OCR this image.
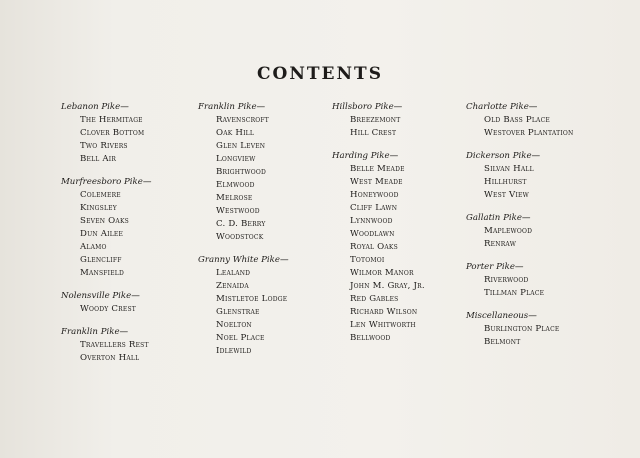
CONTENTS
Lebanon Pike—
The Hermitage
Clover Bottom
Two Rivers
Bell Air
Murfreesboro Pike—
Colemere
Kingsley
Seven Oaks
Dun Ailee
Alamo
Glencliff
Mansfield
Nolensville Pike—
Woody Crest
Franklin Pike—
Travellers Rest
Overton Hall
Franklin Pike—
Ravenscroft
Oak Hill
Glen Leven
Longview
Brightwood
Elmwood
Melrose
Westwood
C. D. Berry
Woodstock
Granny White Pike—
Lealand
Zenaida
Mistletoe Lodge
Glenstrae
Noelton
Noel Place
Idlewild
Hillsboro Pike—
Breezemont
Hill Crest
Harding Pike—
Belle Meade
West Meade
Honeywood
Cliff Lawn
Lynnwood
Woodlawn
Royal Oaks
Totomoi
Wilmor Manor
John M. Gray, Jr.
Red Gables
Richard Wilson
Len Whitworth
Bellwood
Charlotte Pike—
Old Bass Place
Westover Plantation
Dickerson Pike—
Silvan Hall
Hillhurst
West View
Gallatin Pike—
Maplewood
Renraw
Porter Pike—
Riverwood
Tillman Place
Miscellaneous—
Burlington Place
Belmont
